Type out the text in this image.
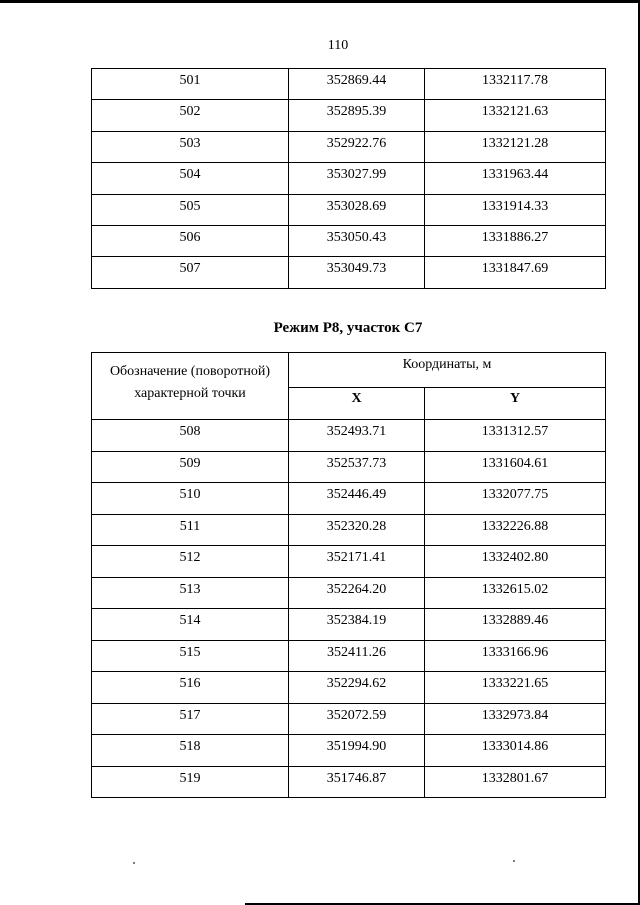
110
501	352869.44	1332117.78
502	352895.39	1332121.63
503	352922.76	1332121.28
504	353027.99	1331963.44
505	353028.69	1331914.33
506	353050.43	1331886.27
507	353049.73	1331847.69
Режим Р8, участок С7
Обозначение (поворотной) характерной точки	Координаты, м	
	X	Y
508	352493.71	1331312.57
509	352537.73	1331604.61
510	352446.49	1332077.75
511	352320.28	1332226.88
512	352171.41	1332402.80
513	352264.20	1332615.02
514	352384.19	1332889.46
515	352411.26	1333166.96
516	352294.62	1333221.65
517	352072.59	1332973.84
518	351994.90	1333014.86
519	351746.87	1332801.67
